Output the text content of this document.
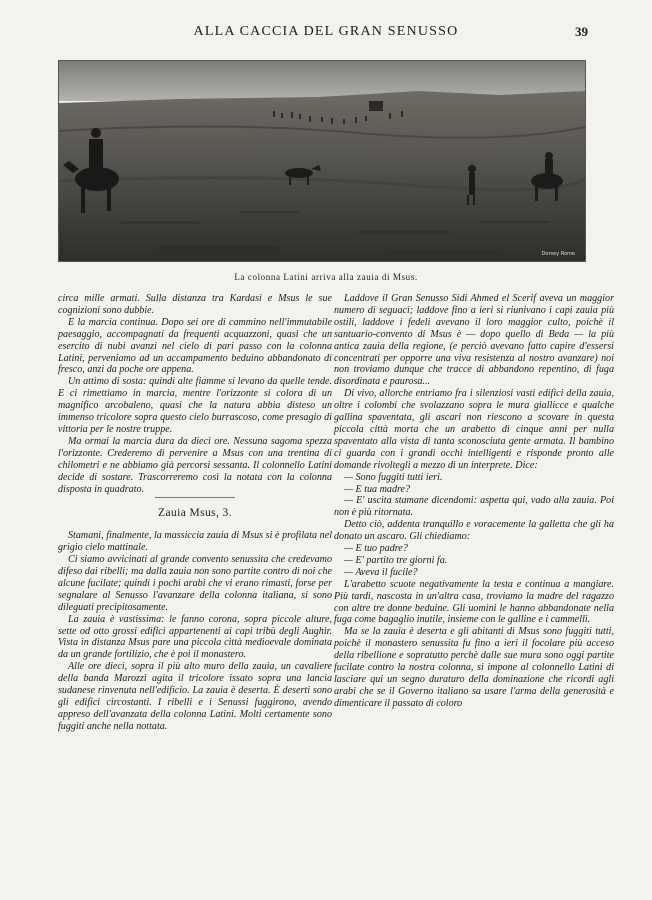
ALLA CACCIA DEL GRAN SENUSSO	39
Dorsey Rome
La colonna Latini arriva alla zauia di Msus.

circa mille armati. Sulla distanza tra Kardasi e Msus le sue cognizioni sono dubbie.

E la marcia continua. Dopo sei ore di cammino nell'immutabile paesaggio, accompagnati da frequenti acquazzoni, quasi che un esercito di nubi avanzi nel cielo di pari passo con la colonna Latini, perveniamo ad un accampamento beduino abbandonato di fresco, anzi da poche ore appena.

Un attimo di sosta: quindi alte fiamme si levano da quelle tende. E ci rimettiamo in marcia, mentre l'orizzonte si colora di un magnifico arcobaleno, quasi che la natura abbia disteso un immenso tricolore sopra questo cielo burrascoso, come presagio di vittoria per le nostre truppe.

Ma ormai la marcia dura da dieci ore. Nessuna sagoma spezza l'orizzonte. Crederemo di pervenire a Msus con una trentina di chilometri e ne abbiamo già percorsi sessanta. Il colonnello Latini decide di sostare. Trascorreremo così la notata con la colonna disposta in quadrato.

Zauia Msus, 3.

Stamani, finalmente, la massiccia zauia di Msus si è profilata nel grigio cielo mattinale.

Ci siamo avvicinati al grande convento senussita che credevamo difeso dai ribelli; ma dalla zauia non sono partite contro di noi che alcune fucilate; quindi i pochi arabi che vi erano rimasti, forse per segnalare al Senusso l'avanzare della colonna italiana, si sono dileguati precipitosamente.

La zauia è vastissima: le fanno corona, sopra piccole alture, sette od otto grossi edifici appartenenti ai capi tribù degli Aughir. Vista in distanza Msus pare una piccola città medioevale dominata da un grande fortilizio, che è poi il monastero.

Alle ore dieci, sopra il più alto muro della zauia, un cavaliere della banda Marozzi agita il tricolore issato sopra una lancia sudanese rinvenuta nell'edificio. La zauia è deserta. È deserti sono gli edifici circostanti. I ribelli e i Senussi fuggirono, avendo appreso dell'avanzata della colonna Latini. Molti certamente sono fuggiti anche nella nottata.

Laddove il Gran Senusso Sidi Ahmed el Scerif aveva un maggior numero di seguaci; laddove fino a ieri si riunivano i capi zauia più ostili, laddove i fedeli avevano il loro maggior culto, poichè il santuario-convento di Msus è — dopo quello di Beda — la più antica zauia della regione, (e perciò avevano fatto capire d'essersi concentrati per opporre una viva resistenza al nostro avanzare) noi non troviamo dunque che tracce di abbandono repentino, di fuga disordinata e paurosa...

Di vivo, allorche entriamo fra i silenziosi vasti edifici della zauia, oltre i colombi che svolazzano sopra le mura giallicce e qualche gallina spaventata, gli ascari non riescono a scovare in questa piccola città morta che un arabetto di cinque anni per nulla spaventato alla vista di tanta sconosciuta gente armata. Il bambino ci guarda con i grandi occhi intelligenti e risponde pronto alle domande rivoltegli a mezzo di un interprete. Dice:

— Sono fuggiti tutti ieri.

— E tua madre?

— E' uscita stamane dicendomi: aspetta qui, vado alla zauia. Poi non è più ritornata.

Detto ciò, addenta tranquillo e voracemente la galletta che gli ha donato un ascaro. Gli chiediamo:

— E tuo padre?

— E' partito tre giorni fa.

— Aveva il fucile?

L'arabetto scuote negativamente la testa e continua a mangiare. Più tardi, nascosta in un'altra casa, troviamo la madre del ragazzo con altre tre donne beduine. Gli uomini le hanno abbandonate nella fuga come bagaglio inutile, insieme con le galline e i cammelli.

Ma se la zauia è deserta e gli abitanti di Msus sono fuggiti tutti, poichè il monastero senussita fu fino a ieri il focolare più acceso della ribellione e sopratutto perchè dalle sue mura sono oggi partite fucilate contro la nostra colonna, si impone al colonnello Latini di lasciare qui un segno duraturo della dominazione che ricordi agli arabi che se il Governo italiano sa usare l'arma della generosità e dimenticare il passato di coloro
